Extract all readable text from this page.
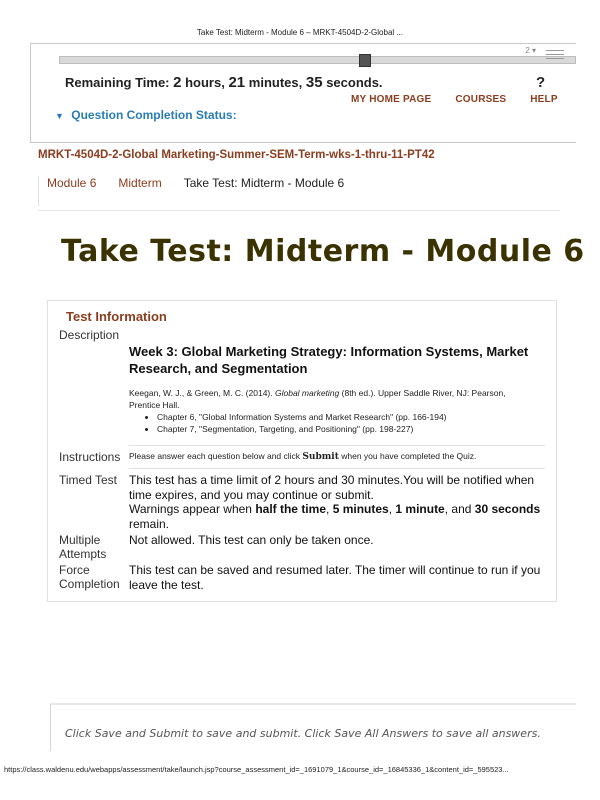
Take Test: Midterm - Module 6 – MRKT-4504D-2-Global ...
2 ▾
Remaining Time: 2 hours, 21 minutes, 35 seconds.	?
MY HOME PAGE COURSES HELP
▼ Question Completion Status:
MRKT-4504D-2-Global Marketing-Summer-SEM-Term-wks-1-thru-11-PT42
Module 6 Midterm Take Test: Midterm - Module 6
Take Test: Midterm - Module 6
Test Information
Description
Week 3: Global Marketing Strategy: Information Systems, Market Research, and Segmentation
Keegan, W. J., & Green, M. C. (2014). Global marketing (8th ed.). Upper Saddle River, NJ: Pearson, Prentice Hall.
• Chapter 6, "Global Information Systems and Market Research" (pp. 166-194)
• Chapter 7, "Segmentation, Targeting, and Positioning" (pp. 198-227)
Instructions Please answer each question below and click Submit when you have completed the Quiz.
Timed Test This test has a time limit of 2 hours and 30 minutes.You will be notified when time expires, and you may continue or submit.
Warnings appear when half the time, 5 minutes, 1 minute, and 30 seconds remain.
Multiple
Attempts
Not allowed. This test can only be taken once.
Force
Completion
This test can be saved and resumed later. The timer will continue to run if you leave the test.
Click Save and Submit to save and submit. Click Save All Answers to save all answers.
https://class.waldenu.edu/webapps/assessment/take/launch.jsp?course_assessment_id=_1691079_1&course_id=_16845336_1&content_id=_595523...
